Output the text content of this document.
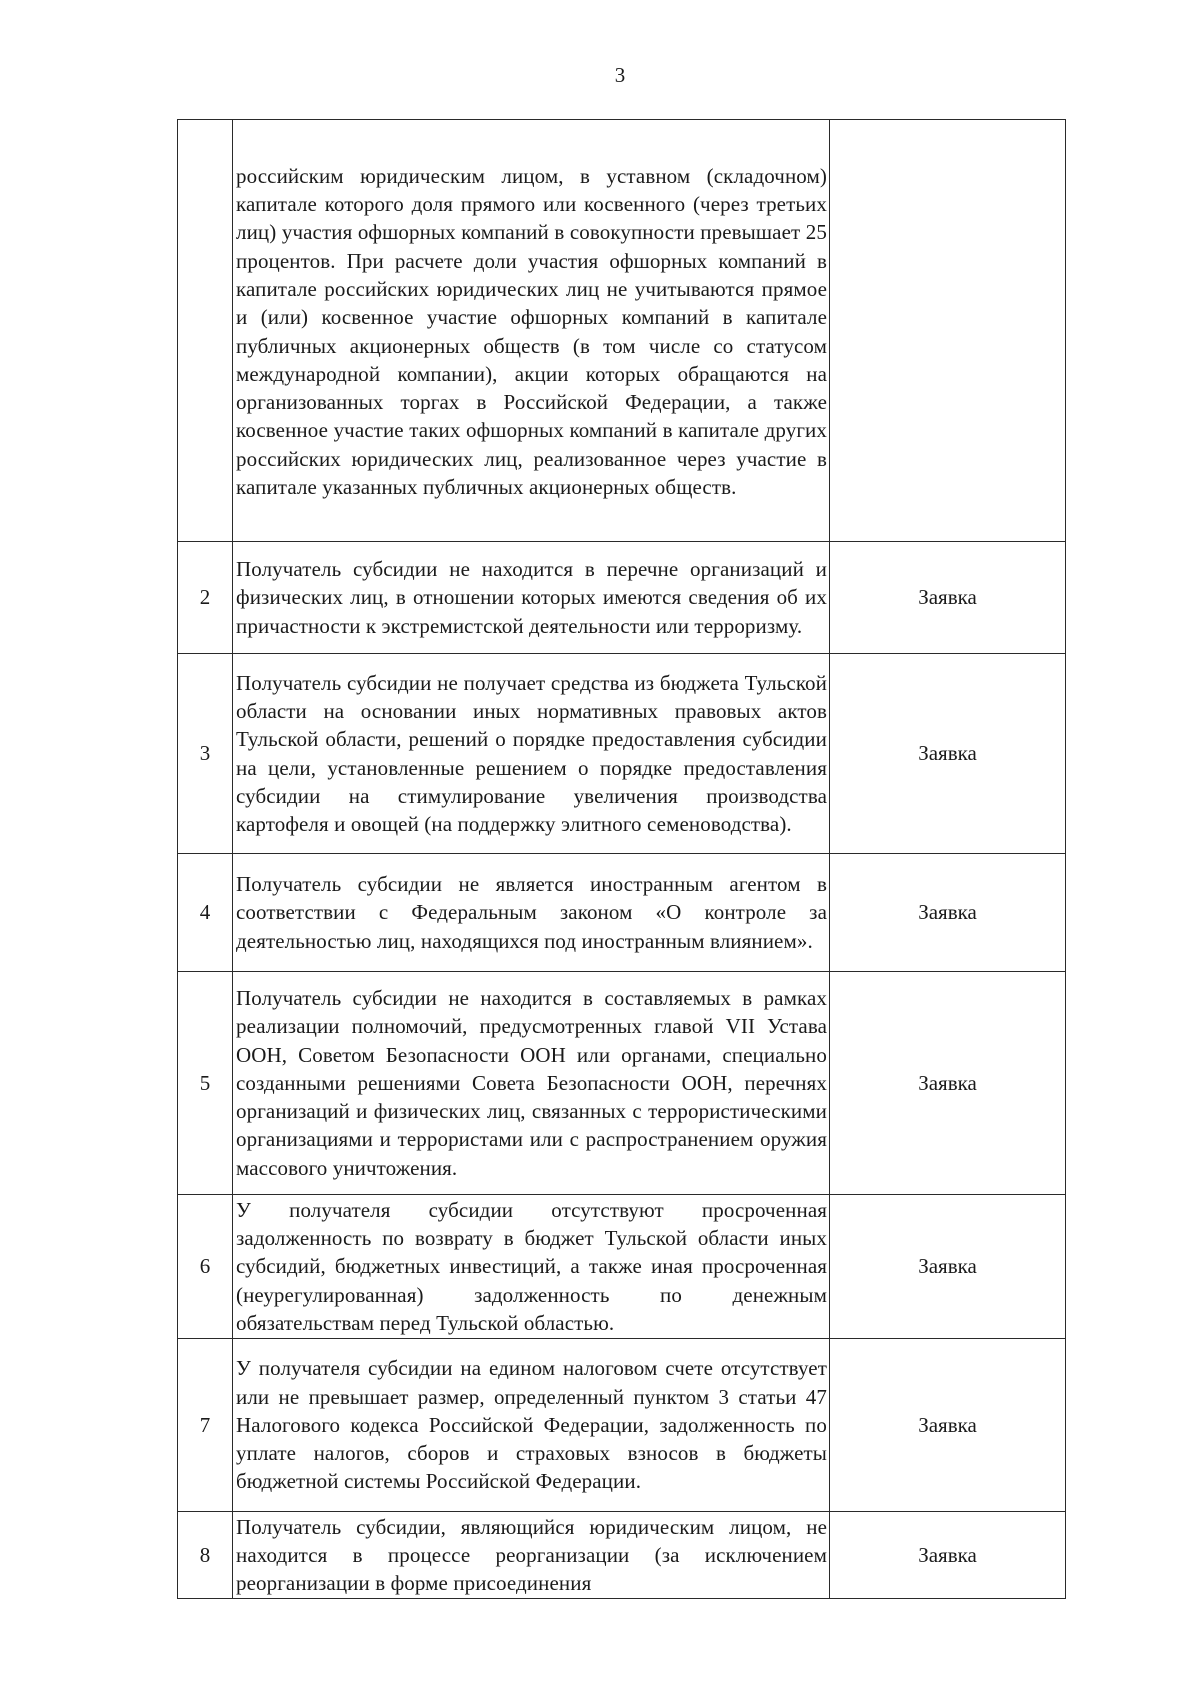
3
	российским юридическим лицом, в уставном (складочном) капитале которого доля прямого или косвенного (через третьих лиц) участия офшорных компаний в совокупности превышает 25 процентов. При расчете доли участия офшорных компаний в капитале российских юридических лиц не учитываются прямое и (или) косвенное участие офшорных компаний в капитале публичных акционерных обществ (в том числе со статусом международной компании), акции которых обращаются на организованных торгах в Российской Федерации, а также косвенное участие таких офшорных компаний в капитале других российских юридических лиц, реализованное через участие в капитале указанных публичных акционерных обществ.	
2	Получатель субсидии не находится в перечне организаций и физических лиц, в отношении которых имеются сведения об их причастности к экстремистской деятельности или терроризму.	Заявка
3	Получатель субсидии не получает средства из бюджета Тульской области на основании иных нормативных правовых актов Тульской области, решений о порядке предоставления субсидии на цели, установленные решением о порядке предоставления субсидии на стимулирование увеличения производства картофеля и овощей (на поддержку элитного семеноводства).	Заявка
4	Получатель субсидии не является иностранным агентом в соответствии с Федеральным законом «О контроле за деятельностью лиц, находящихся под иностранным влиянием».	Заявка
5	Получатель субсидии не находится в составляемых в рамках реализации полномочий, предусмотренных главой VII Устава ООН, Советом Безопасности ООН или органами, специально созданными решениями Совета Безопасности ООН, перечнях организаций и физических лиц, связанных с террористическими организациями и террористами или с распространением оружия массового уничтожения.	Заявка
6	У получателя субсидии отсутствуют просроченная задолженность по возврату в бюджет Тульской области иных субсидий, бюджетных инвестиций, а также иная просроченная (неурегулированная) задолженность по денежным обязательствам перед Тульской областью.	Заявка
7	У получателя субсидии на едином налоговом счете отсутствует или не превышает размер, определенный пунктом 3 статьи 47 Налогового кодекса Российской Федерации, задолженность по уплате налогов, сборов и страховых взносов в бюджеты бюджетной системы Российской Федерации.	Заявка
8	Получатель субсидии, являющийся юридическим лицом, не находится в процессе реорганизации (за исключением реорганизации в форме присоединения	Заявка
